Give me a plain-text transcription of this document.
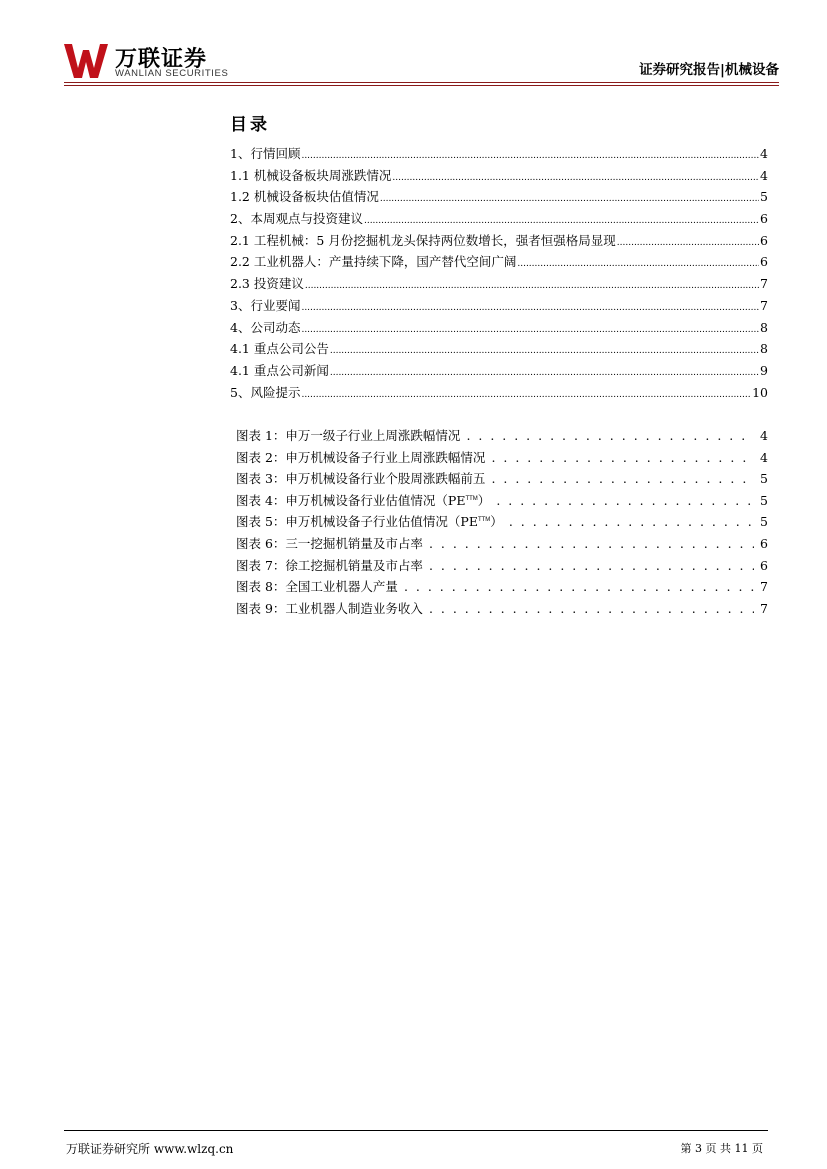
万联证券
WANLIAN SECURITIES	证券研究报告|机械设备
目录
1、行情回顾 .....	4
1.1 机械设备板块周涨跌情况 .....	4
1.2 机械设备板块估值情况 .....	5
2、本周观点与投资建议 .....	6
2.1 工程机械：5 月份挖掘机龙头保持两位数增长，强者恒强格局显现 .....	6
2.2 工业机器人：产量持续下降，国产替代空间广阔 .....	6
2.3 投资建议 .....	7
3、行业要闻 .....	7
4、公司动态 .....	8
4.1 重点公司公告 .....	8
4.1 重点公司新闻 .....	9
5、风险提示 .....	10
图表 1：申万一级子行业上周涨跌幅情况 . . .	4
图表 2：申万机械设备子行业上周涨跌幅情况 . . .	4
图表 3：申万机械设备行业个股周涨跌幅前五 . . .	5
图表 4：申万机械设备行业估值情况$(PE^{TTM})$ . . .	5
图表 5：申万机械设备子行业估值情况$(PE^{TTM})$ . . .	5
图表 6：三一挖掘机销量及市占率 . . .	6
图表 7：徐工挖掘机销量及市占率 . . .	6
图表 8：全国工业机器人产量 . . .	7
图表 9：工业机器人制造业务收入 . . .	7
万联证券研究所 www.wlzq.cn	第 3 页 共 11 页
